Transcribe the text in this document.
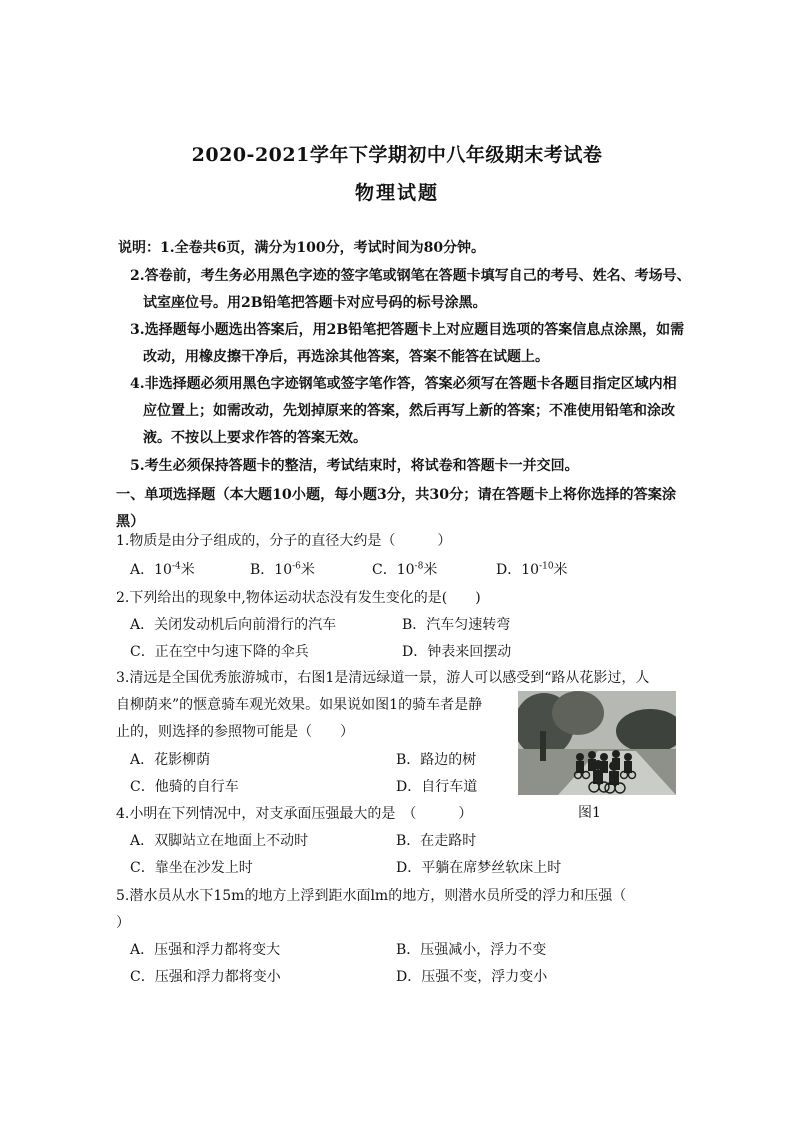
2020-2021学年下学期初中八年级期末考试卷
物理试题
说明：1.全卷共6页，满分为100分，考试时间为80分钟。
2.答卷前，考生务必用黑色字迹的签字笔或钢笔在答题卡填写自己的考号、姓名、考场号、
试室座位号。用2B铅笔把答题卡对应号码的标号涂黑。
3.选择题每小题选出答案后，用2B铅笔把答题卡上对应题目选项的答案信息点涂黑，如需
改动，用橡皮擦干净后，再选涂其他答案，答案不能答在试题上。
4.非选择题必须用黑色字迹钢笔或签字笔作答，答案必须写在答题卡各题目指定区域内相
应位置上；如需改动，先划掉原来的答案，然后再写上新的答案；不准使用铅笔和涂改
液。不按以上要求作答的答案无效。
5.考生必须保持答题卡的整洁，考试结束时，将试卷和答题卡一并交回。
一、单项选择题（本大题10小题，每小题3分，共30分；请在答题卡上将你选择的答案涂黑）
1.物质是由分子组成的，分子的直径大约是（　　　）
A．$10^{-4}$米	B．$10^{-6}$米	C．$10^{-8}$米	D．$10^{-10}$米
2.下列给出的现象中,物体运动状态没有发生变化的是(　　)
A．关闭发动机后向前滑行的汽车	B．汽车匀速转弯
C．正在空中匀速下降的伞兵	D．钟表来回摆动
3.清远是全国优秀旅游城市，右图1是清远绿道一景，游人可以感受到“路从花影过，人
自柳荫来”的惬意骑车观光效果。如果说如图1的骑车者是静
止的，则选择的参照物可能是（　　）
A．花影柳荫	B．路边的树
C．他骑的自行车	D．自行车道
图1
4.小明在下列情况中，对支承面压强最大的是　（　　　）
A．双脚站立在地面上不动时	B．在走路时
C．靠坐在沙发上时	D．平躺在席梦丝软床上时
5.潜水员从水下15m的地方上浮到距水面lm的地方，则潜水员所受的浮力和压强（
）
A．压强和浮力都将变大	B．压强减小，浮力不变
C．压强和浮力都将变小	D．压强不变，浮力变小
